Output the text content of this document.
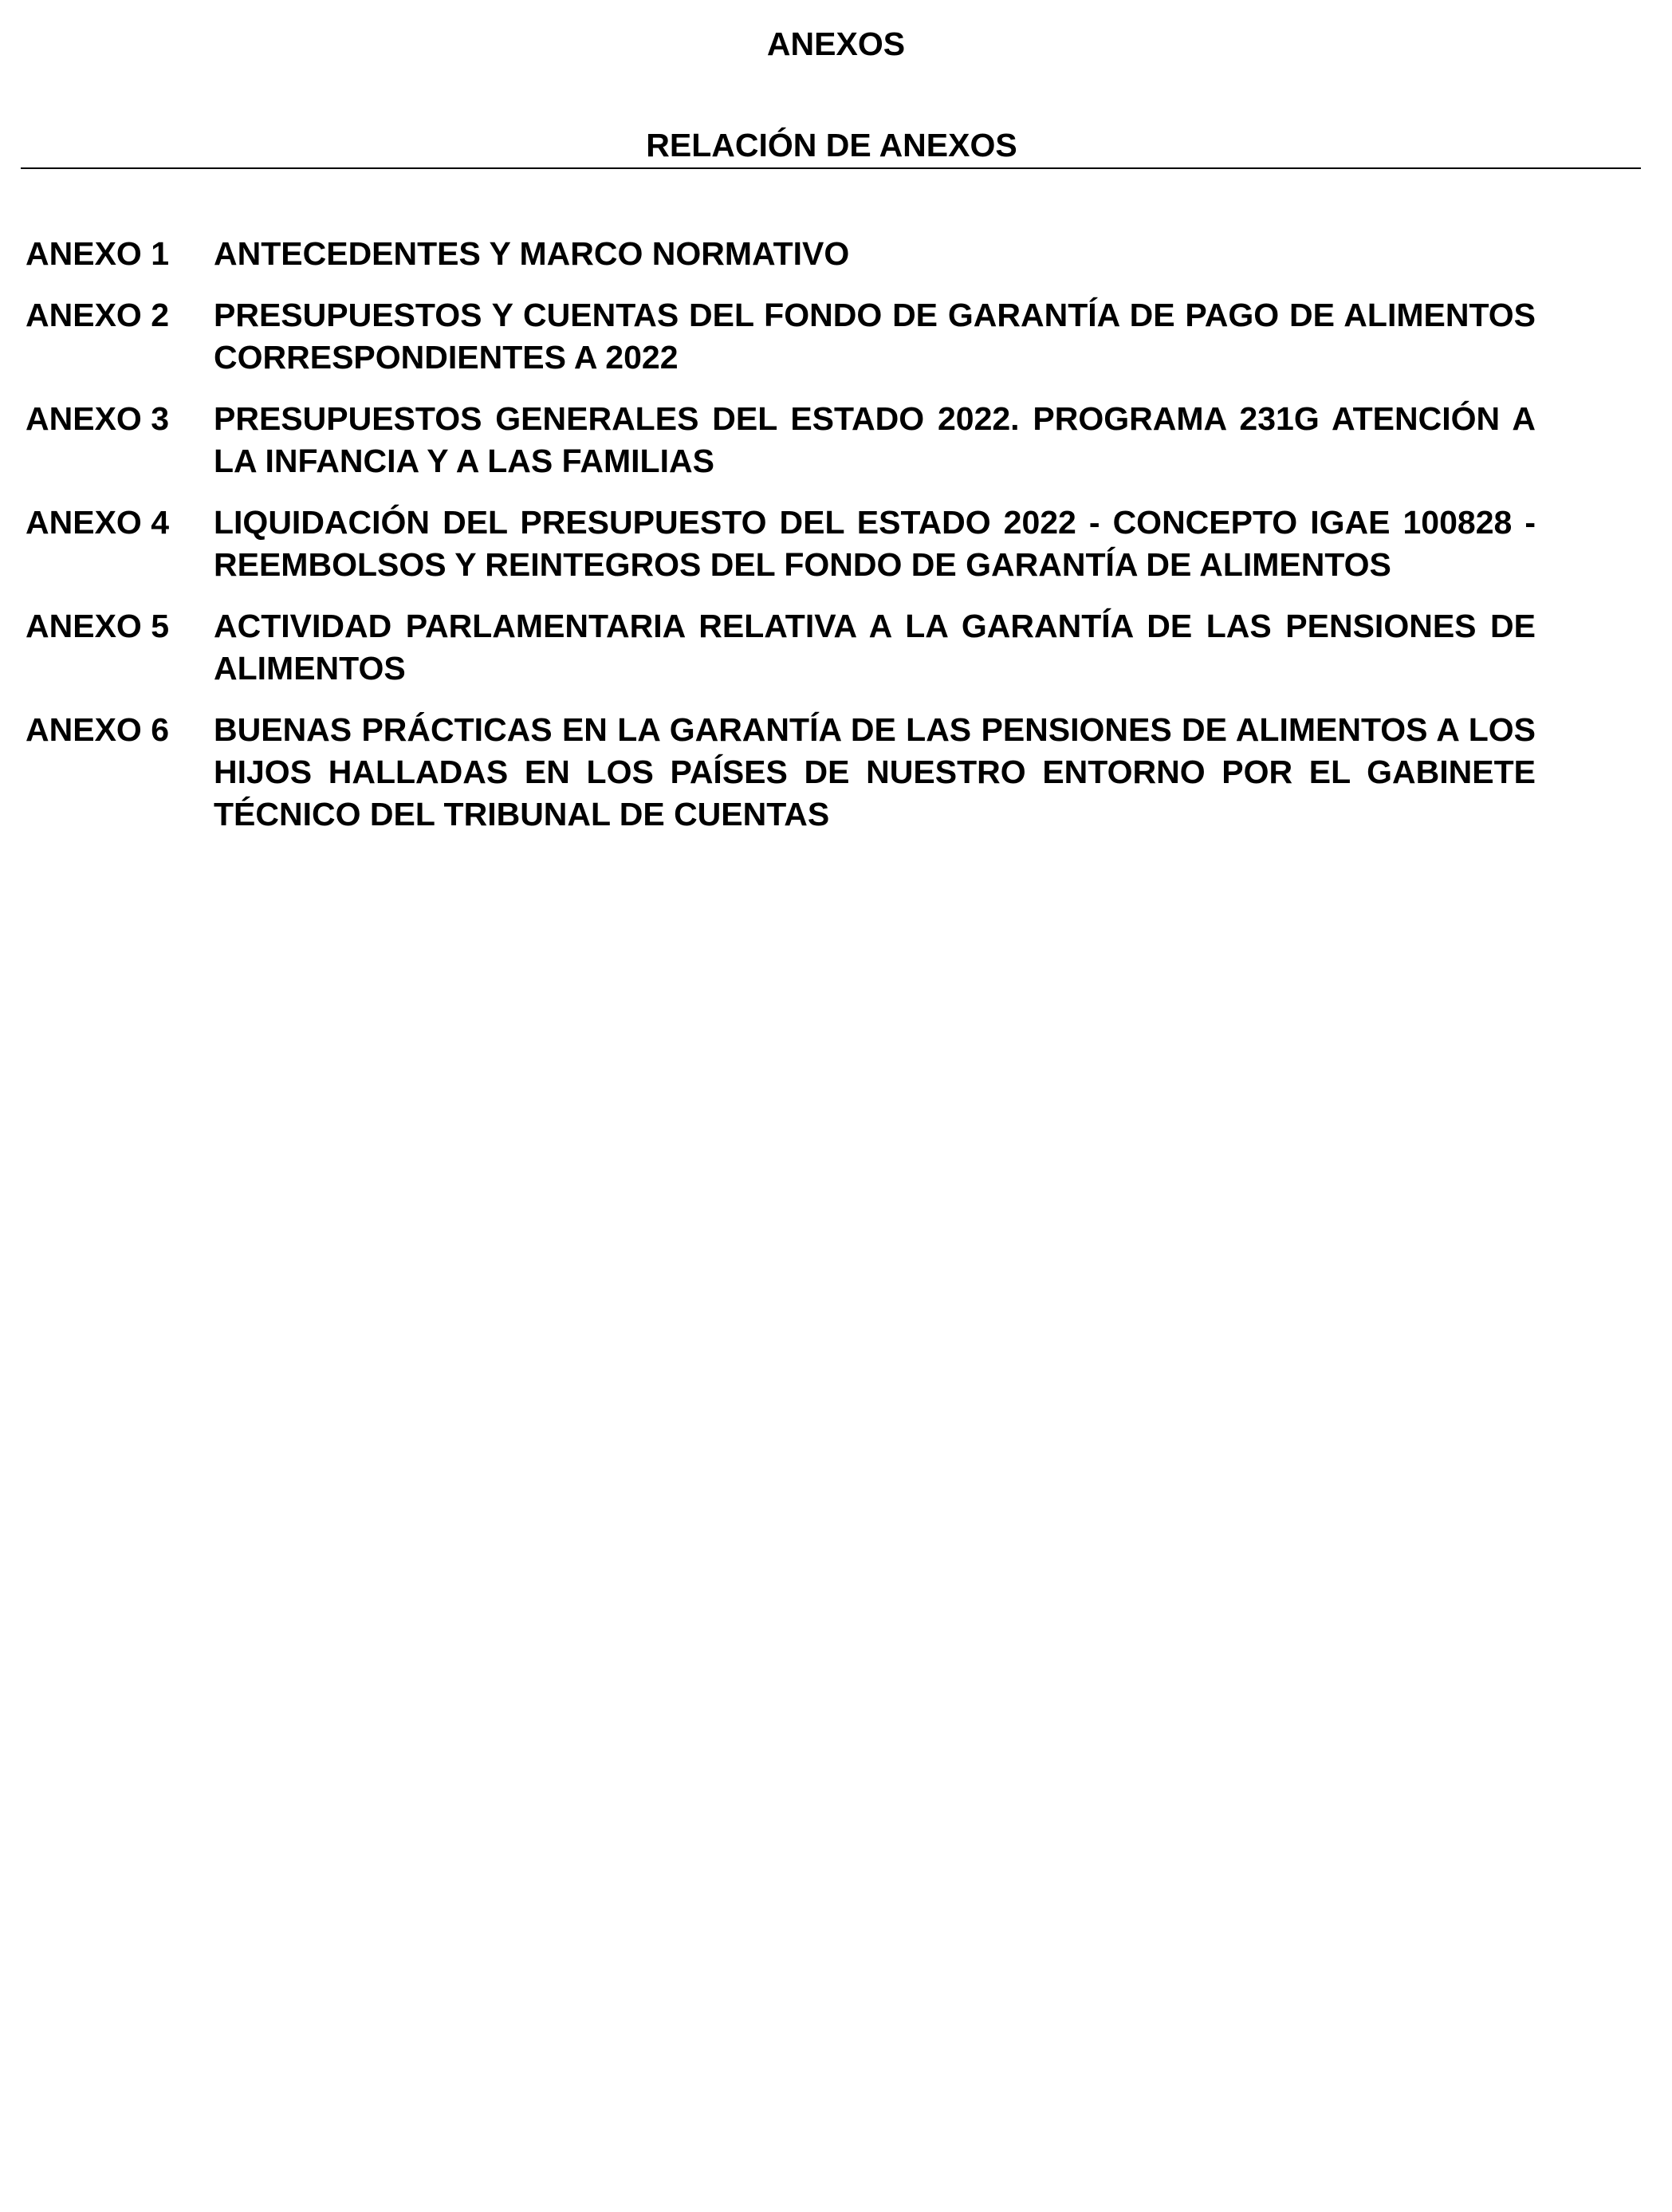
ANEXOS
RELACIÓN DE ANEXOS
ANEXO 1	ANTECEDENTES Y MARCO NORMATIVO
ANEXO 2	PRESUPUESTOS Y CUENTAS DEL FONDO DE GARANTÍA DE PAGO DE ALIMENTOS CORRESPONDIENTES A 2022
ANEXO 3	PRESUPUESTOS GENERALES DEL ESTADO 2022. PROGRAMA 231G ATENCIÓN A LA INFANCIA Y A LAS FAMILIAS
ANEXO 4	LIQUIDACIÓN DEL PRESUPUESTO DEL ESTADO 2022 - CONCEPTO IGAE 100828 - REEMBOLSOS Y REINTEGROS DEL FONDO DE GARANTÍA DE ALIMENTOS
ANEXO 5	ACTIVIDAD PARLAMENTARIA RELATIVA A LA GARANTÍA DE LAS PENSIONES DE ALIMENTOS
ANEXO 6	BUENAS PRÁCTICAS EN LA GARANTÍA DE LAS PENSIONES DE ALIMENTOS A LOS HIJOS HALLADAS EN LOS PAÍSES DE NUESTRO ENTORNO POR EL GABINETE TÉCNICO DEL TRIBUNAL DE CUENTAS
